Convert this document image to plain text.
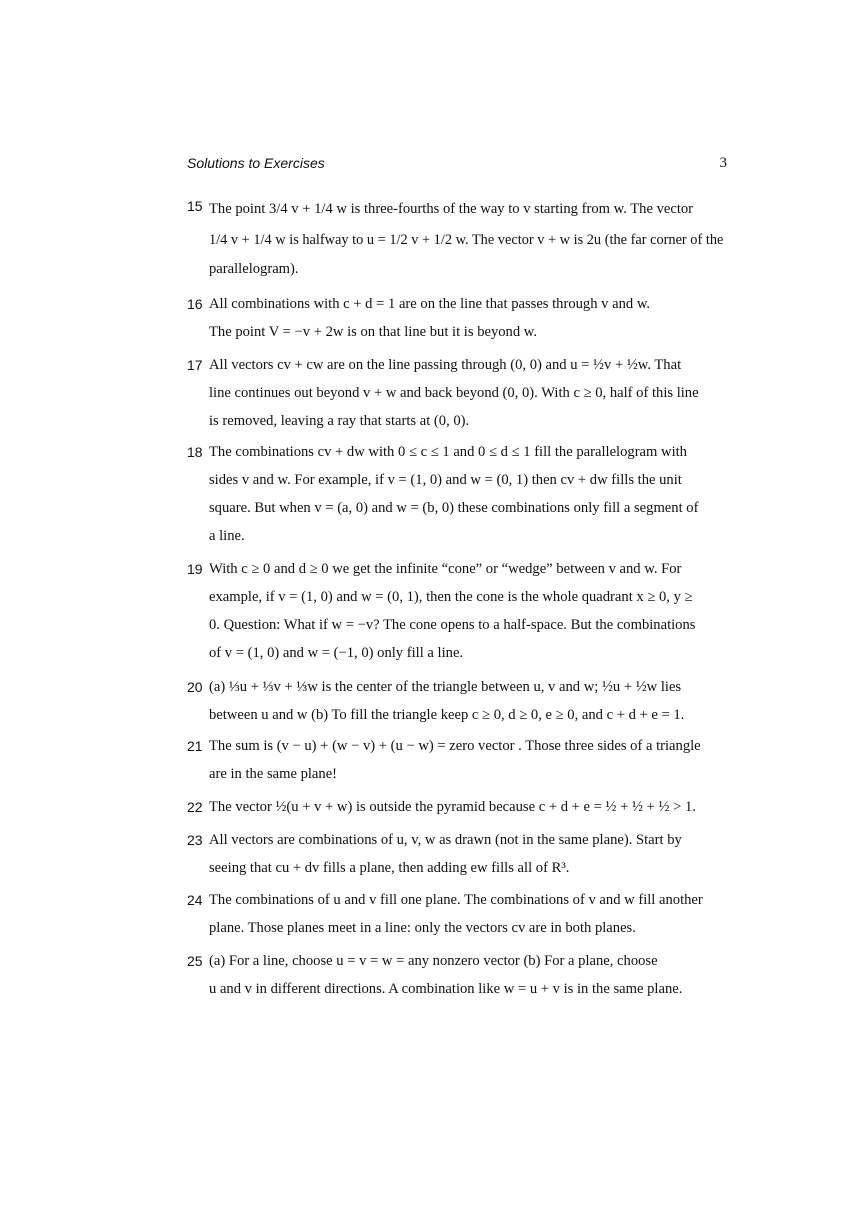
Solutions to Exercises	3
15 The point 3/4 v + 1/4 w is three-fourths of the way to v starting from w. The vector
1/4 v + 1/4 w is halfway to u = 1/2 v + 1/2 w. The vector v + w is 2u (the far corner of the
parallelogram).
16 All combinations with c + d = 1 are on the line that passes through v and w.
The point V = −v + 2w is on that line but it is beyond w.
17 All vectors cv + cw are on the line passing through (0, 0) and u = ½v + ½w. That
line continues out beyond v + w and back beyond (0, 0). With c ≥ 0, half of this line
is removed, leaving a ray that starts at (0, 0).
18 The combinations cv + dw with 0 ≤ c ≤ 1 and 0 ≤ d ≤ 1 fill the parallelogram with
sides v and w. For example, if v = (1, 0) and w = (0, 1) then cv + dw fills the unit
square. But when v = (a, 0) and w = (b, 0) these combinations only fill a segment of
a line.
19 With c ≥ 0 and d ≥ 0 we get the infinite “cone” or “wedge” between v and w. For
example, if v = (1, 0) and w = (0, 1), then the cone is the whole quadrant x ≥ 0, y ≥
0. Question: What if w = −v? The cone opens to a half-space. But the combinations
of v = (1, 0) and w = (−1, 0) only fill a line.
20 (a) ⅓u + ⅓v + ⅓w is the center of the triangle between u, v and w; ½u + ½w lies
between u and w (b) To fill the triangle keep c ≥ 0, d ≥ 0, e ≥ 0, and c + d + e = 1.
21 The sum is (v − u) + (w − v) + (u − w) = zero vector . Those three sides of a triangle
are in the same plane!
22 The vector ½(u + v + w) is outside the pyramid because c + d + e = ½ + ½ + ½ > 1.
23 All vectors are combinations of u, v, w as drawn (not in the same plane). Start by
seeing that cu + dv fills a plane, then adding ew fills all of R³.
24 The combinations of u and v fill one plane. The combinations of v and w fill another
plane. Those planes meet in a line: only the vectors cv are in both planes.
25 (a) For a line, choose u = v = w = any nonzero vector (b) For a plane, choose
u and v in different directions. A combination like w = u + v is in the same plane.
